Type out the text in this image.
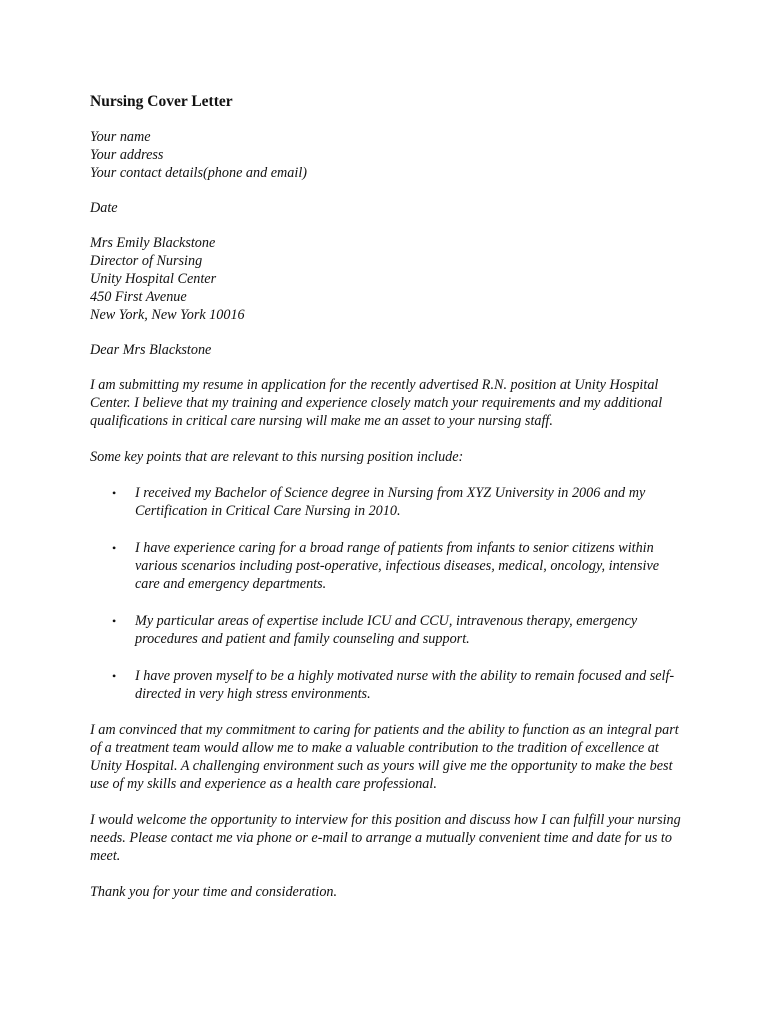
Nursing Cover Letter
Your name
Your address
Your contact details(phone and email)
Date
Mrs Emily Blackstone
Director of Nursing
Unity Hospital Center
450 First Avenue
New York, New York 10016
Dear Mrs Blackstone

I am submitting my resume in application for the recently advertised R.N. position at Unity Hospital Center. I believe that my training and experience closely match your requirements and my additional qualifications in critical care nursing will make me an asset to your nursing staff.

Some key points that are relevant to this nursing position include:

• I received my Bachelor of Science degree in Nursing from XYZ University in 2006 and my Certification in Critical Care Nursing in 2010.
• I have experience caring for a broad range of patients from infants to senior citizens within various scenarios including post-operative, infectious diseases, medical, oncology, intensive care and emergency departments.
• My particular areas of expertise include ICU and CCU, intravenous therapy, emergency procedures and patient and family counseling and support.
• I have proven myself to be a highly motivated nurse with the ability to remain focused and self-directed in very high stress environments.

I am convinced that my commitment to caring for patients and the ability to function as an integral part of a treatment team would allow me to make a valuable contribution to the tradition of excellence at Unity Hospital. A challenging environment such as yours will give me the opportunity to make the best use of my skills and experience as a health care professional.

I would welcome the opportunity to interview for this position and discuss how I can fulfill your nursing needs. Please contact me via phone or e-mail to arrange a mutually convenient time and date for us to meet.

Thank you for your time and consideration.
